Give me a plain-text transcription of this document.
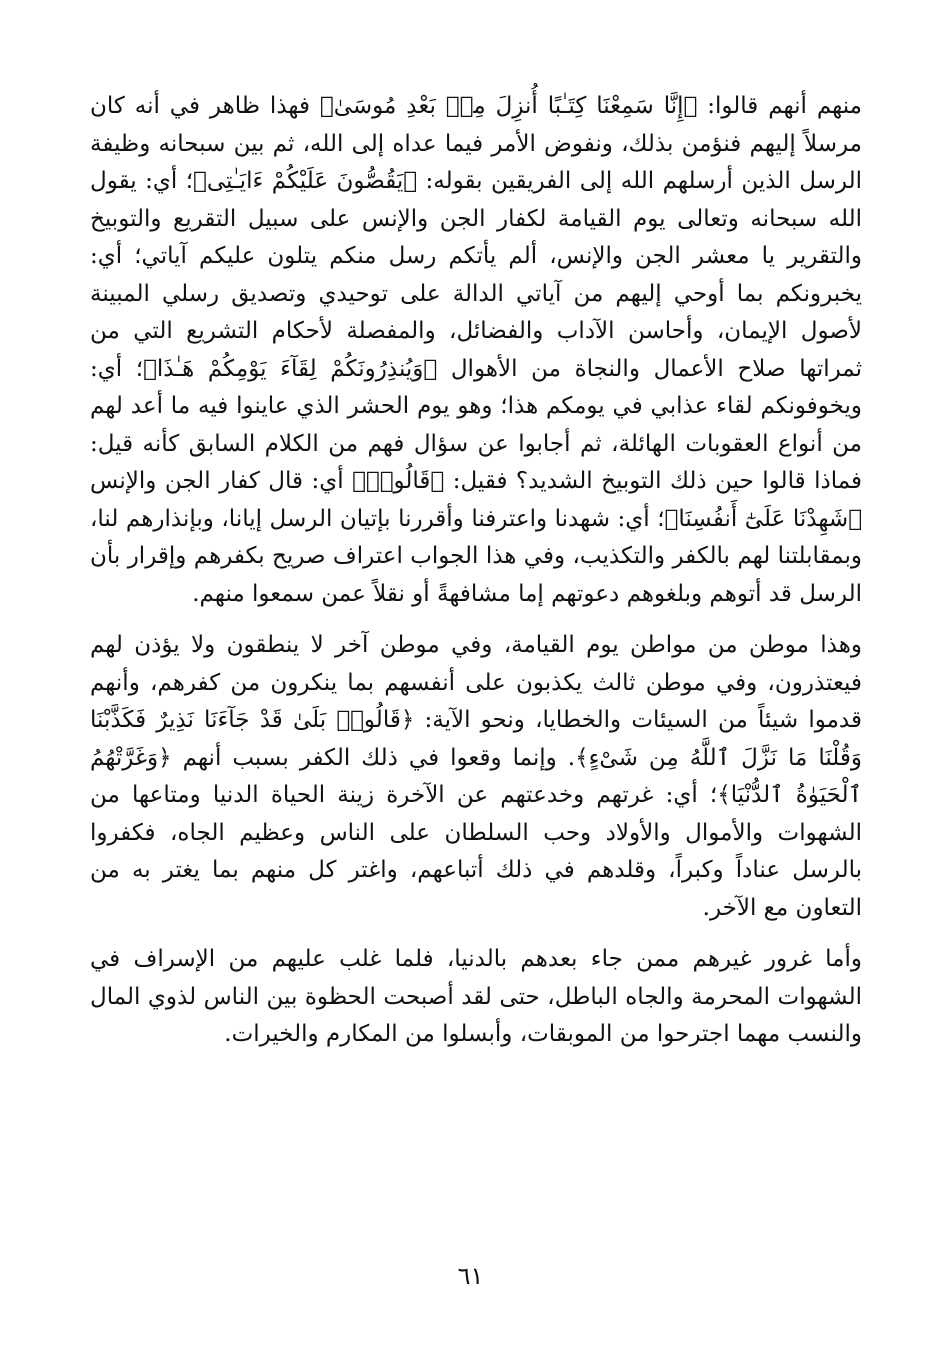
منهم أنهم قالوا: ﴿إِنَّا سَمِعْنَا كِتَـٰبًا أُنزِلَ مِنۢ بَعْدِ مُوسَىٰ﴾ فهذا ظاهر في أنه كان مرسلاً إليهم فنؤمن بذلك، ونفوض الأمر فيما عداه إلى الله، ثم بين سبحانه وظيفة الرسل الذين أرسلهم الله إلى الفريقين بقوله: ﴿يَقُصُّونَ عَلَيْكُمْ ءَايَـٰتِى﴾؛ أي: يقول الله سبحانه وتعالى يوم القيامة لكفار الجن والإنس على سبيل التقريع والتوبيخ والتقرير يا معشر الجن والإنس، ألم يأتكم رسل منكم يتلون عليكم آياتي؛ أي: يخبرونكم بما أوحي إليهم من آياتي الدالة على توحيدي وتصديق رسلي المبينة لأصول الإيمان، وأحاسن الآداب والفضائل، والمفصلة لأحكام التشريع التي من ثمراتها صلاح الأعمال والنجاة من الأهوال ﴿وَيُنذِرُونَكُمْ لِقَآءَ يَوْمِكُمْ هَـٰذَا﴾؛ أي: ويخوفونكم لقاء عذابي في يومكم هذا؛ وهو يوم الحشر الذي عاينوا فيه ما أعد لهم من أنواع العقوبات الهائلة، ثم أجابوا عن سؤال فهم من الكلام السابق كأنه قيل: فماذا قالوا حين ذلك التوبيخ الشديد؟ فقيل: ﴿قَالُوا۟﴾ أي: قال كفار الجن والإنس ﴿شَهِدْنَا عَلَىٰٓ أَنفُسِنَا﴾؛ أي: شهدنا واعترفنا وأقررنا بإتيان الرسل إيانا، وبإنذارهم لنا، وبمقابلتنا لهم بالكفر والتكذيب، وفي هذا الجواب اعتراف صريح بكفرهم وإقرار بأن الرسل قد أتوهم وبلغوهم دعوتهم إما مشافهةً أو نقلاً عمن سمعوا منهم.

وهذا موطن من مواطن يوم القيامة، وفي موطن آخر لا ينطقون ولا يؤذن لهم فيعتذرون، وفي موطن ثالث يكذبون على أنفسهم بما ينكرون من كفرهم، وأنهم قدموا شيئاً من السيئات والخطايا، ونحو الآية: ﴿قَالُوا۟ بَلَىٰ قَدْ جَآءَنَا نَذِيرٌ فَكَذَّبْنَا وَقُلْنَا مَا نَزَّلَ ٱللَّهُ مِن شَىْءٍ﴾. وإنما وقعوا في ذلك الكفر بسبب أنهم ﴿وَغَرَّتْهُمُ ٱلْحَيَوٰةُ ٱلدُّنْيَا﴾؛ أي: غرتهم وخدعتهم عن الآخرة زينة الحياة الدنيا ومتاعها من الشهوات والأموال والأولاد وحب السلطان على الناس وعظيم الجاه، فكفروا بالرسل عناداً وكبراً، وقلدهم في ذلك أتباعهم، واغتر كل منهم بما يغتر به من التعاون مع الآخر.

وأما غرور غيرهم ممن جاء بعدهم بالدنيا، فلما غلب عليهم من الإسراف في الشهوات المحرمة والجاه الباطل، حتى لقد أصبحت الحظوة بين الناس لذوي المال والنسب مهما اجترحوا من الموبقات، وأبسلوا من المكارم والخيرات.

٦١
